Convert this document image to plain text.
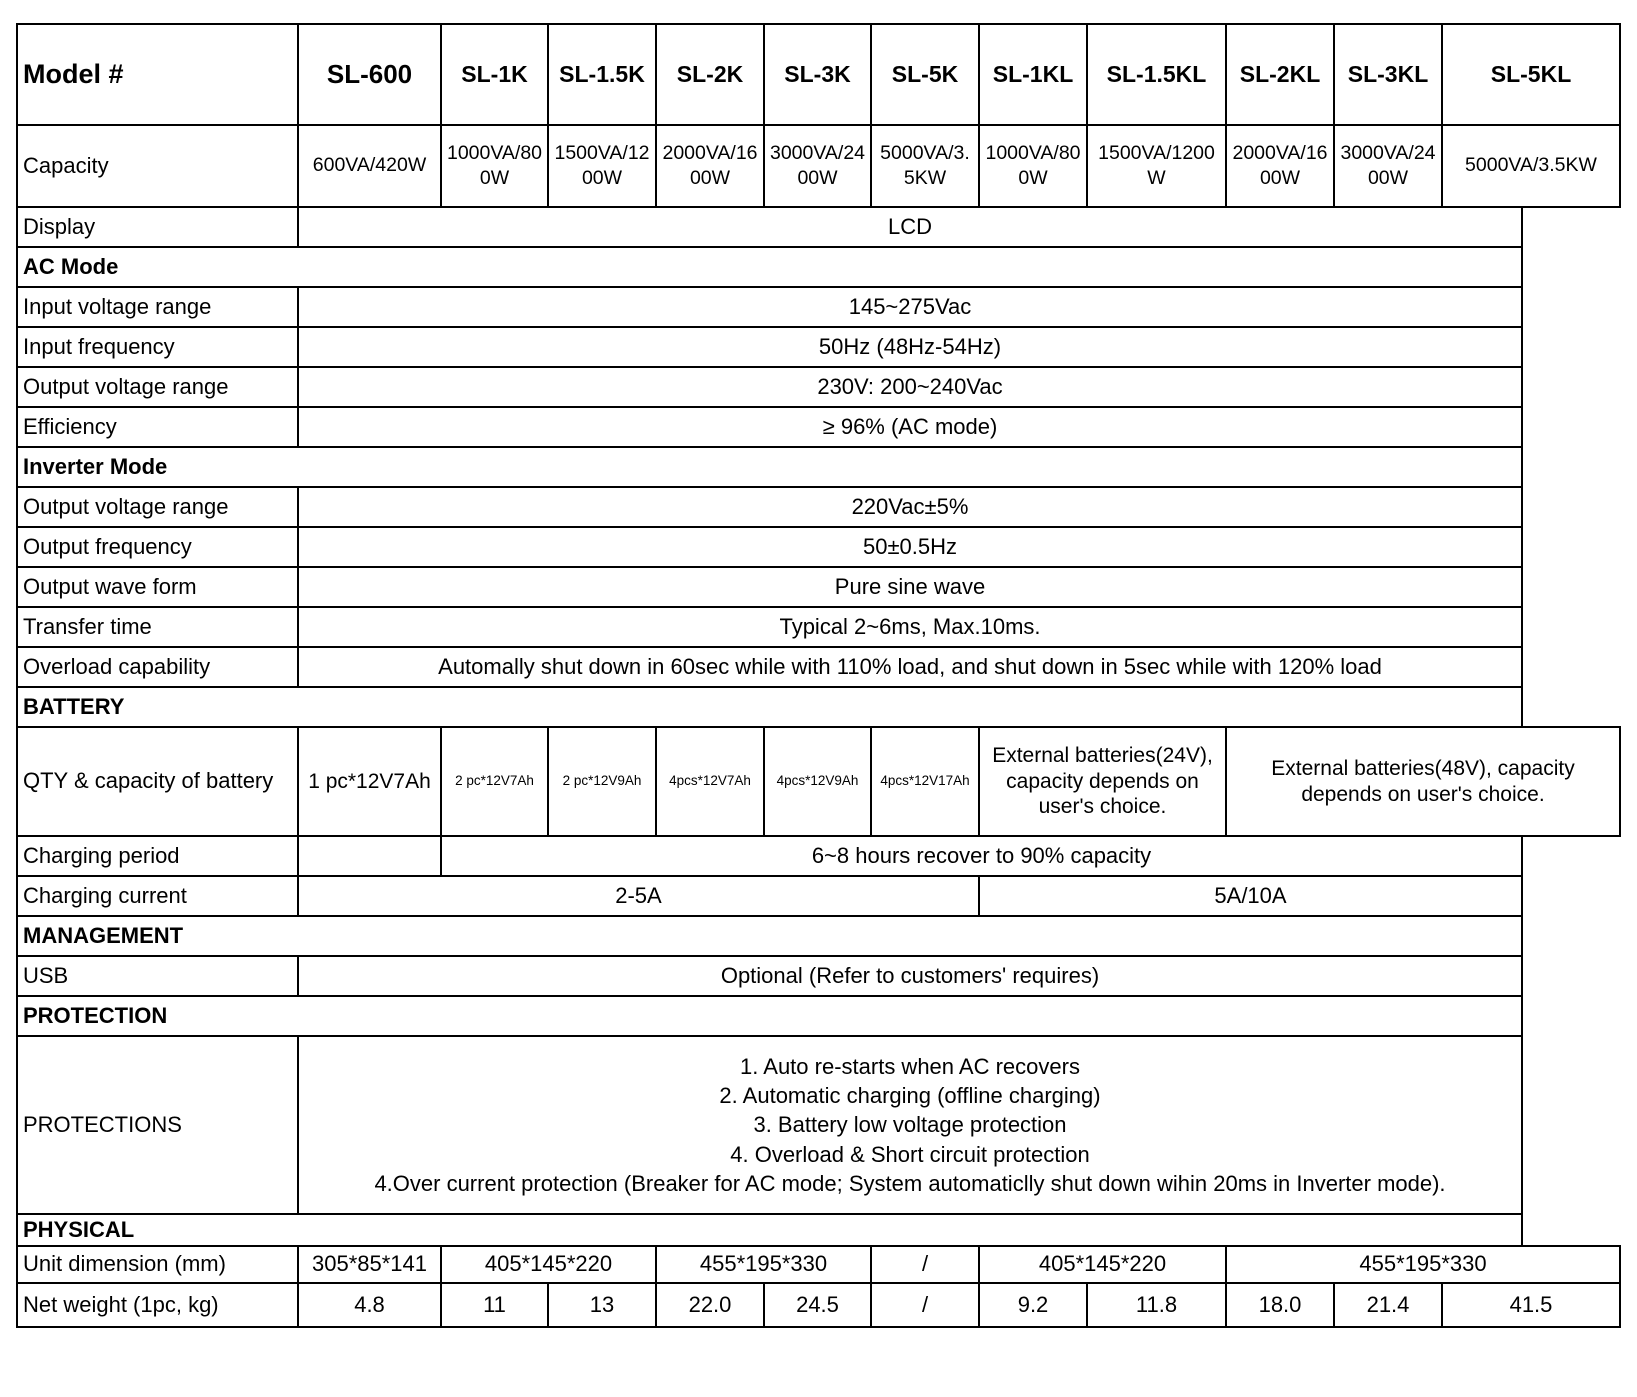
Model #	SL-600	SL-1K	SL-1.5K	SL-2K	SL-3K	SL-5K	SL-1KL	SL-1.5KL	SL-2KL	SL-3KL	SL-5KL
Capacity	600VA/420W	1000VA/800W	1500VA/1200W	2000VA/1600W	3000VA/2400W	5000VA/3.5KW	1000VA/800W	1500VA/1200W	2000VA/1600W	3000VA/2400W	5000VA/3.5KW
Display	LCD										
AC Mode											
Input voltage range	145~275Vac										
Input frequency	50Hz (48Hz-54Hz)										
Output voltage range	230V: 200~240Vac										
Efficiency	≥ 96% (AC mode)										
Inverter Mode											
Output voltage range	220Vac±5%										
Output frequency	50±0.5Hz										
Output wave form	Pure sine wave										
Transfer time	Typical 2~6ms, Max.10ms.										
Overload capability	Automally shut down in 60sec while with 110% load, and shut down in 5sec while with 120% load										
BATTERY											
QTY & capacity of battery	1 pc*12V7Ah	2 pc*12V7Ah	2 pc*12V9Ah	4pcs*12V7Ah	4pcs*12V9Ah	4pcs*12V17Ah	External batteries(24V), capacity depends on user's choice.		External batteries(48V), capacity depends on user's choice.		
Charging period		6~8 hours recover to 90% capacity									
Charging current	2-5A						5A/10A				
MANAGEMENT											
USB	Optional (Refer to customers' requires)										
PROTECTION											
PROTECTIONS	1. Auto re-starts when AC recovers
2. Automatic charging (offline charging)
3. Battery low voltage protection
4. Overload & Short circuit protection
4.Over current protection (Breaker for AC mode; System automaticlly shut down wihin 20ms in Inverter mode).										

PHYSICAL											
Unit dimension (mm)	305*85*141	405*145*220		455*195*330		/	405*145*220		455*195*330		
Net weight (1pc, kg)	4.8	11	13	22.0	24.5	/	9.2	11.8	18.0	21.4	41.5
